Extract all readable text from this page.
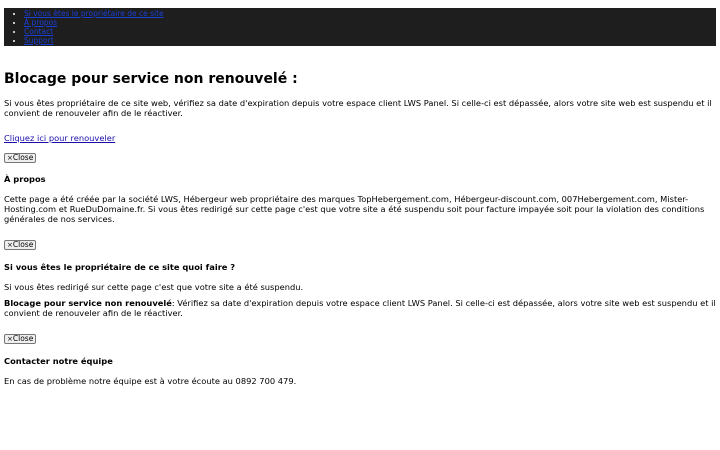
• Si vous êtes le propriétaire de ce site
• À propos
• Contact
• Support
Blocage pour service non renouvelé :

Si vous êtes propriétaire de ce site web, vérifiez sa date d'expiration depuis votre espace client LWS Panel. Si celle-ci est dépassée, alors votre site web est suspendu et il convient de renouveler afin de le réactiver.

Cliquez ici pour renouveler
×Close
À propos

Cette page a été créée par la société LWS, Hébergeur web propriétaire des marques TopHebergement.com, Hébergeur-discount.com, 007Hebergement.com, Mister-Hosting.com et RueDuDomaine.fr. Si vous êtes redirigé sur cette page c'est que votre site a été suspendu soit pour facture impayée soit pour la violation des conditions générales de nos services.

×Close
Si vous êtes le propriétaire de ce site quoi faire ?

Si vous êtes redirigé sur cette page c'est que votre site a été suspendu.

Blocage pour service non renouvelé: Vérifiez sa date d'expiration depuis votre espace client LWS Panel. Si celle-ci est dépassée, alors votre site web est suspendu et il convient de renouveler afin de le réactiver.

×Close
Contacter notre équipe

En cas de problème notre équipe est à votre écoute au 0892 700 479.
